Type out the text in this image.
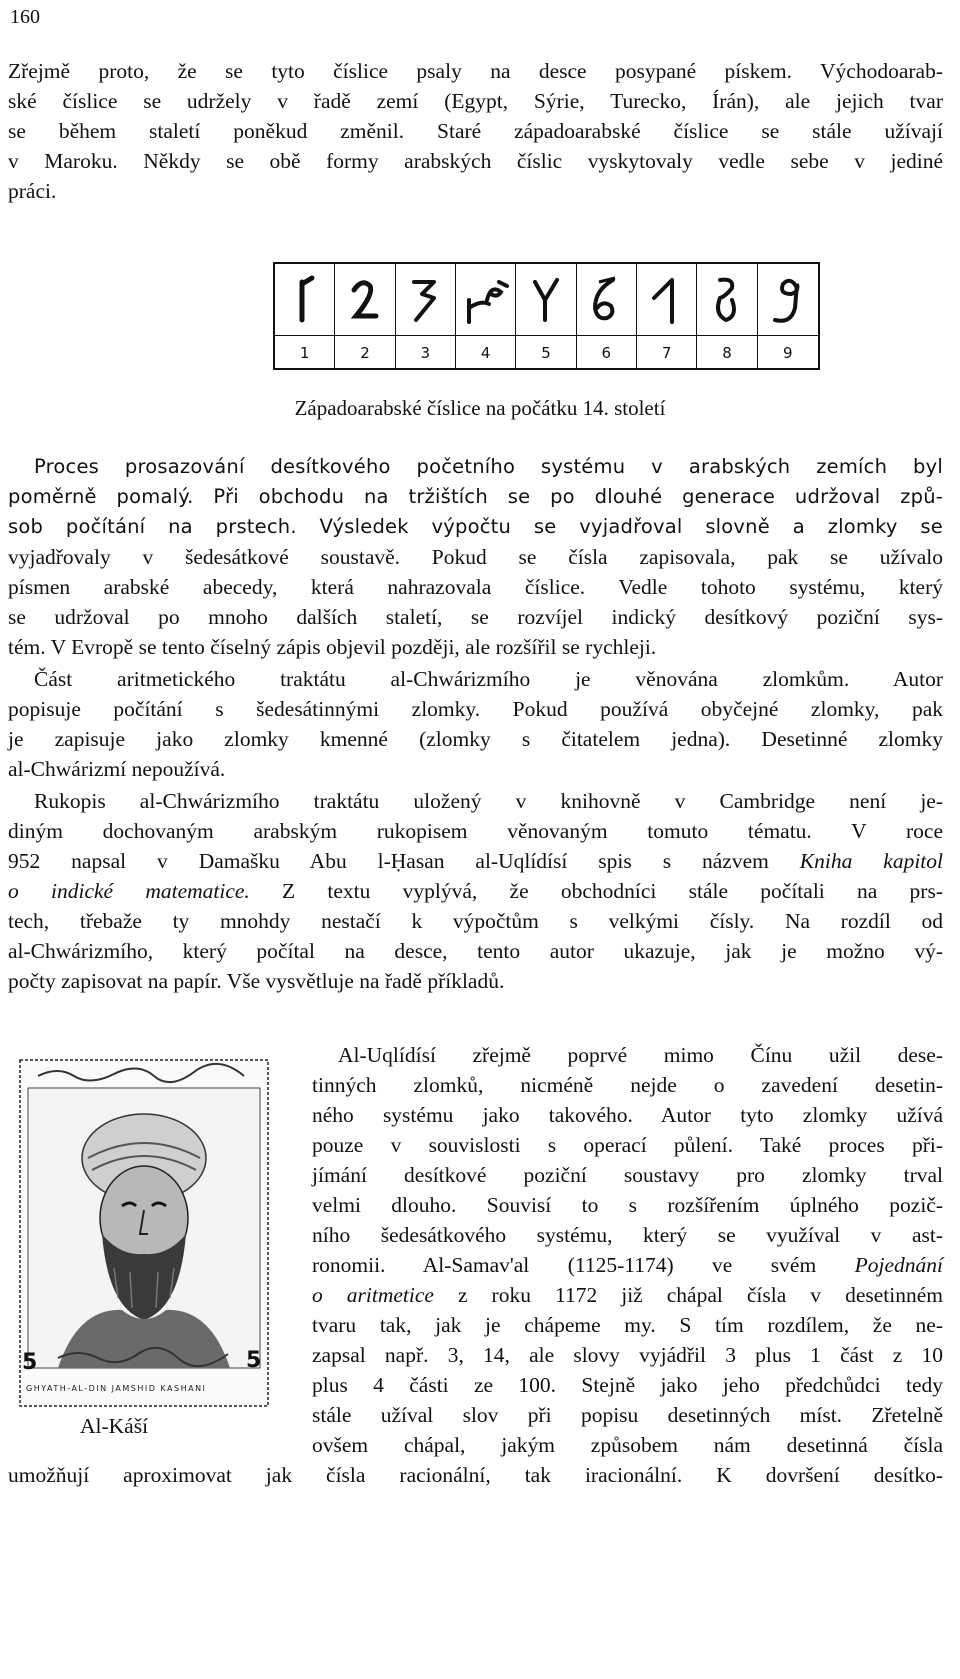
160
Zřejmě proto, že se tyto číslice psaly na desce posypané pískem. Východoarab-
ské číslice se udržely v řadě zemí (Egypt, Sýrie, Turecko, Írán), ale jejich tvar
se během staletí poněkud změnil. Staré západoarabské číslice se stále užívají
v Maroku. Někdy se obě formy arabských číslic vyskytovaly vedle sebe v jediné
práci.
1	2	3	4	5	6	7	8	9
Západoarabské číslice na počátku 14. století
Proces prosazování desítkového početního systému v arabských zemích byl
poměrně pomalý. Při obchodu na tržištích se po dlouhé generace udržoval způ-
sob počítání na prstech. Výsledek výpočtu se vyjadřoval slovně a zlomky se
vyjadřovaly v šedesátkové soustavě. Pokud se čísla zapisovala, pak se užívalo
písmen arabské abecedy, která nahrazovala číslice. Vedle tohoto systému, který
se udržoval po mnoho dalších staletí, se rozvíjel indický desítkový poziční sys-
tém. V Evropě se tento číselný zápis objevil později, ale rozšířil se rychleji.
Část aritmetického traktátu al-Chwárizmího je věnována zlomkům. Autor
popisuje počítání s šedesátinnými zlomky. Pokud používá obyčejné zlomky, pak
je zapisuje jako zlomky kmenné (zlomky s čitatelem jedna). Desetinné zlomky
al-Chwárizmí nepoužívá.
Rukopis al-Chwárizmího traktátu uložený v knihovně v Cambridge není je-
diným dochovaným arabským rukopisem věnovaným tomuto tématu. V roce
952 napsal v Damašku Abu l-Ḥasan al-Uqlídísí spis s názvem Kniha kapitol
o indické matematice. Z textu vyplývá, že obchodníci stále počítali na prs-
tech, třebaže ty mnohdy nestačí k výpočtům s velkými čísly. Na rozdíl od
al-Chwárizmího, který počítal na desce, tento autor ukazuje, jak je možno vý-
počty zapisovat na papír. Vše vysvětluje na řadě příkladů.
5	5
GHYATH-AL-DIN JAMSHID KASHANI
Al-Káší
Al-Uqlídísí zřejmě poprvé mimo Čínu užil dese-
tinných zlomků, nicméně nejde o zavedení desetin-
ného systému jako takového. Autor tyto zlomky užívá
pouze v souvislosti s operací půlení. Také proces při-
jímání desítkové poziční soustavy pro zlomky trval
velmi dlouho. Souvisí to s rozšířením úplného pozič-
ního šedesátkového systému, který se využíval v ast-
ronomii. Al-Samav'al (1125-1174) ve svém Pojednání
o aritmetice z roku 1172 již chápal čísla v desetinném
tvaru tak, jak je chápeme my. S tím rozdílem, že ne-
zapsal např. 3, 14, ale slovy vyjádřil 3 plus 1 část z 10
plus 4 části ze 100. Stejně jako jeho předchůdci tedy
stále užíval slov při popisu desetinných míst. Zřetelně
ovšem chápal, jakým způsobem nám desetinná čísla
umožňují aproximovat jak čísla racionální, tak iracionální. K dovršení desítko-
